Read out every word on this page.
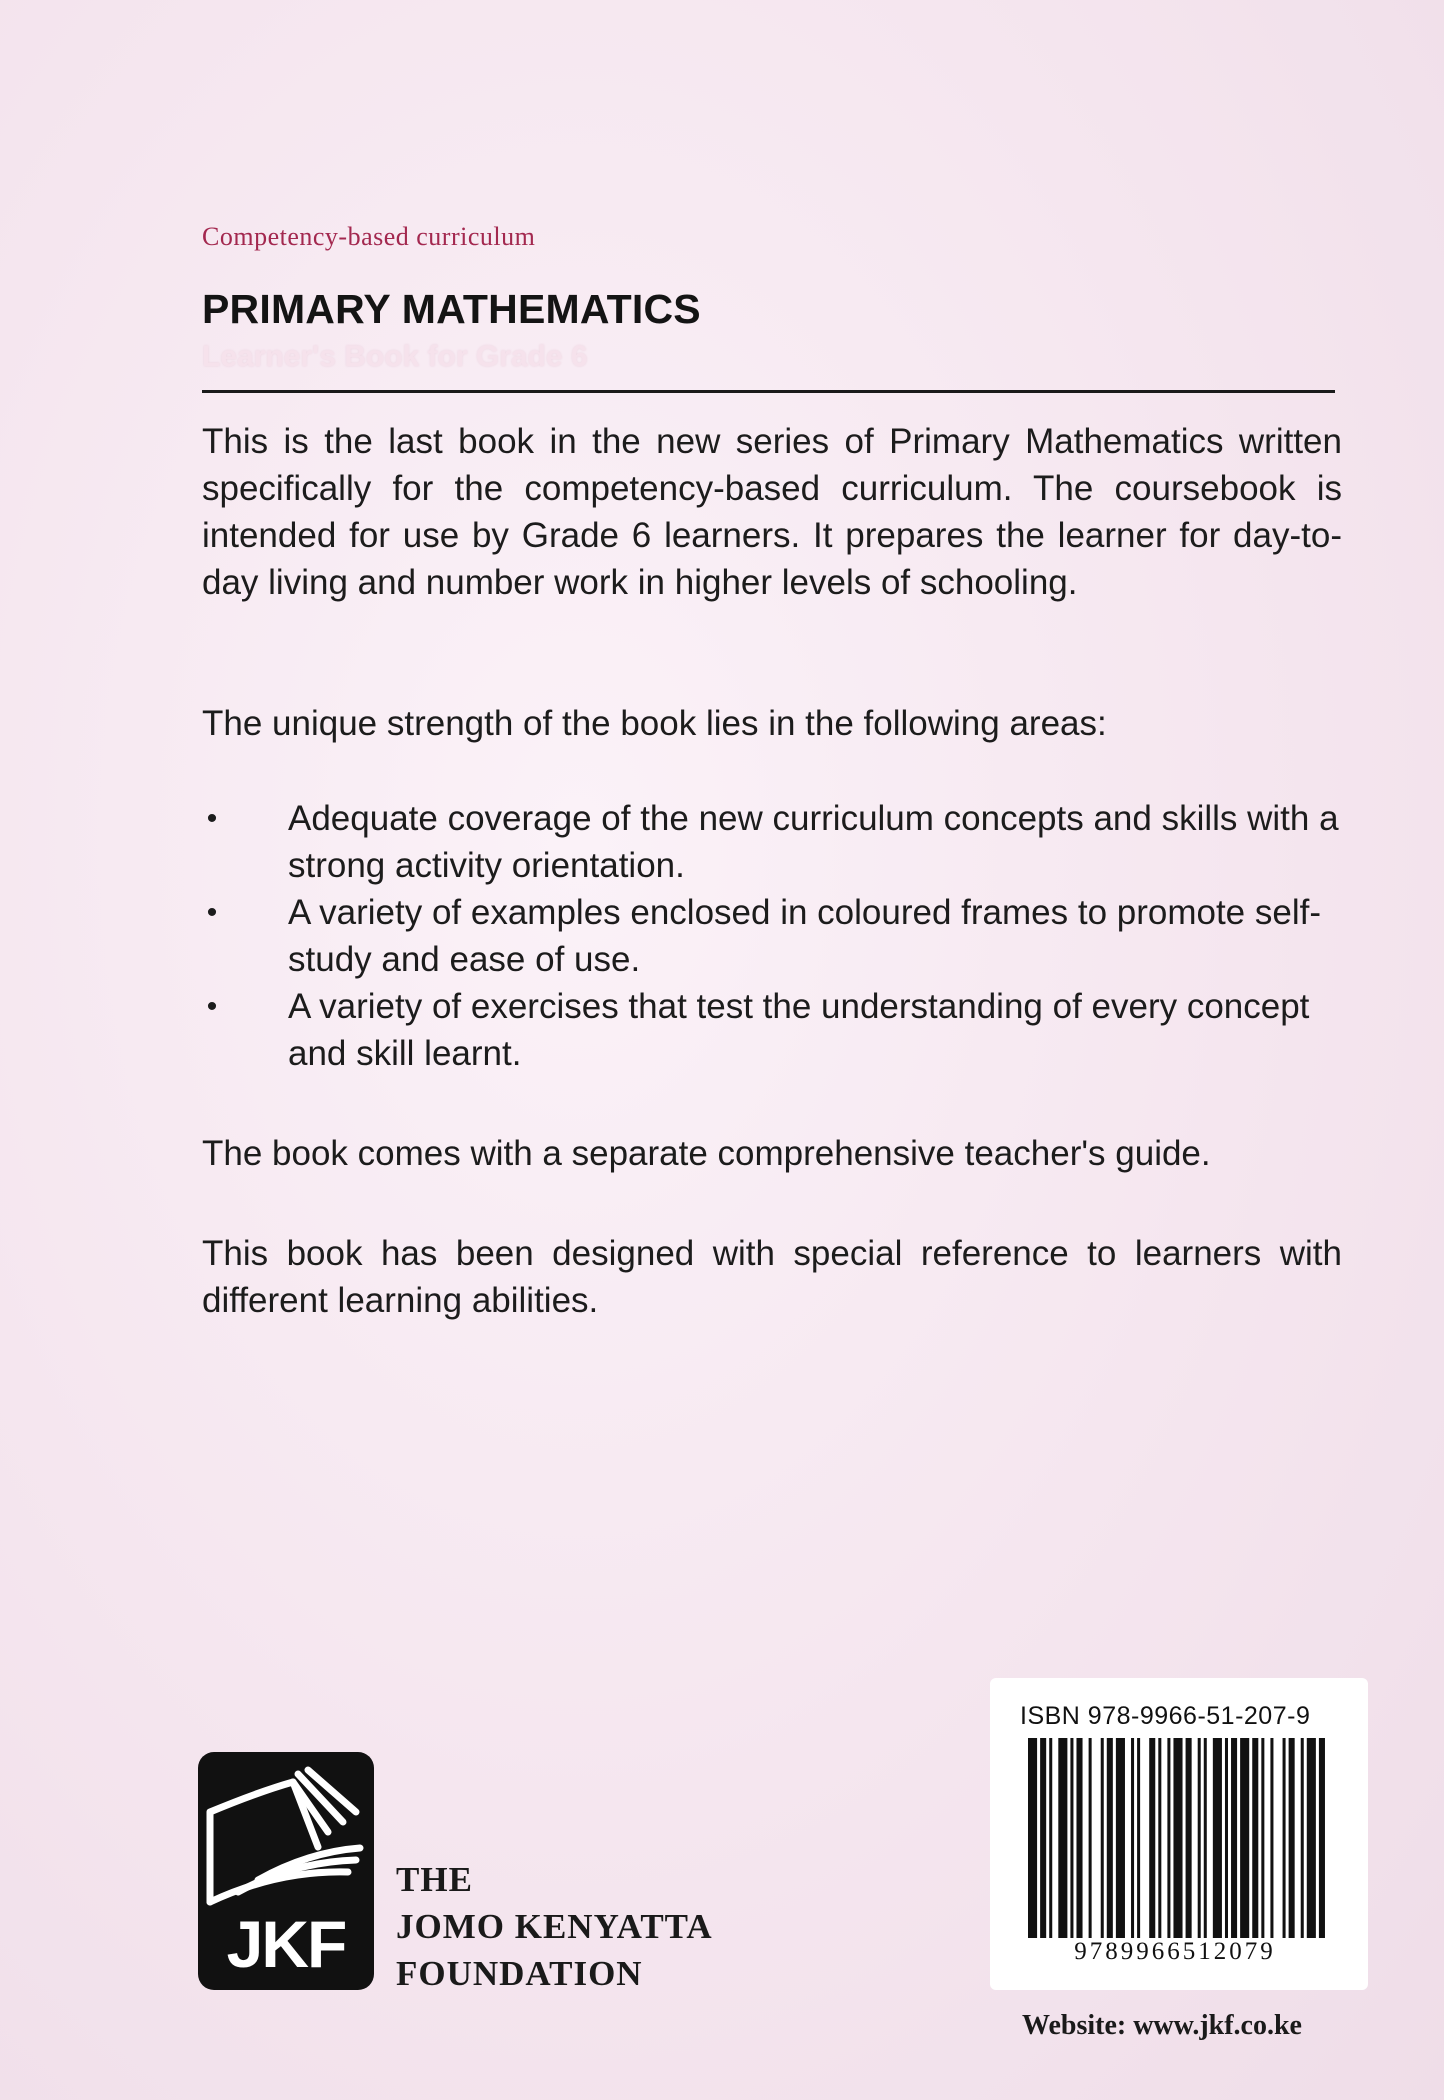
Competency-based curriculum
PRIMARY MATHEMATICS
Learner's Book for Grade 6

This is the last book in the new series of Primary Mathematics written specifically for the competency-based curriculum. The coursebook is intended for use by Grade 6 learners. It prepares the learner for day-to-day living and number work in higher levels of schooling.

The unique strength of the book lies in the following areas:

• Adequate coverage of the new curriculum concepts and skills with a strong activity orientation.
• A variety of examples enclosed in coloured frames to promote self-study and ease of use.
• A variety of exercises that test the understanding of every concept and skill learnt.

The book comes with a separate comprehensive teacher's guide.

This book has been designed with special reference to learners with different learning abilities.

JKF
THE
JOMO KENYATTA
FOUNDATION
ISBN 978-9966-51-207-9
9789966512079
Website: www.jkf.co.ke
